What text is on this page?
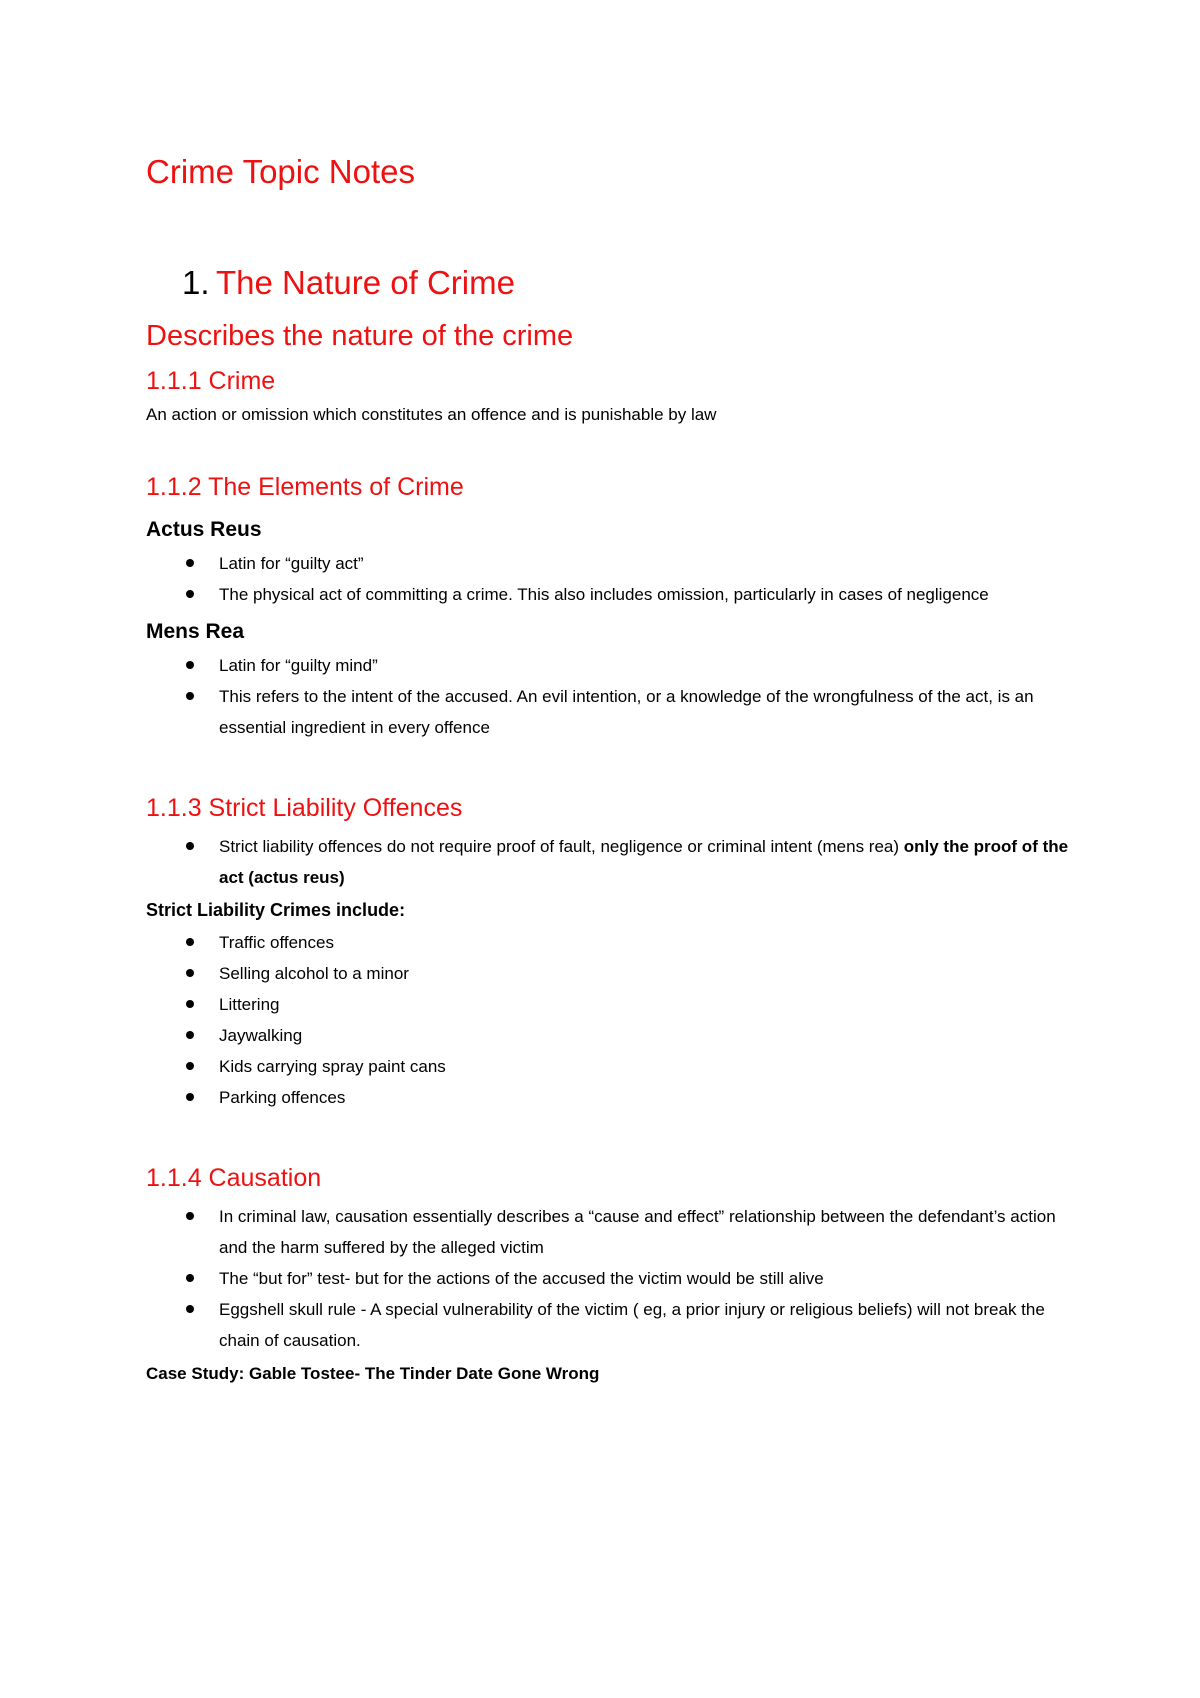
Crime Topic Notes
1. The Nature of Crime
Describes the nature of the crime
1.1.1 Crime

An action or omission which constitutes an offence and is punishable by law

1.1.2 The Elements of Crime
Actus Reus
Latin for “guilty act”
The physical act of committing a crime. This also includes omission, particularly in cases of negligence
Mens Rea
Latin for “guilty mind”
This refers to the intent of the accused. An evil intention, or a knowledge of the wrongfulness of the act, is an essential ingredient in every offence
1.1.3 Strict Liability Offences
Strict liability offences do not require proof of fault, negligence or criminal intent (mens rea) only the proof of the act (actus reus)
Strict Liability Crimes include:
Traffic offences
Selling alcohol to a minor
Littering
Jaywalking
Kids carrying spray paint cans
Parking offences
1.1.4 Causation
In criminal law, causation essentially describes a “cause and effect” relationship between the defendant’s action and the harm suffered by the alleged victim
The “but for” test- but for the actions of the accused the victim would be still alive
Eggshell skull rule - A special vulnerability of the victim ( eg, a prior injury or religious beliefs) will not break the chain of causation.
Case Study: Gable Tostee- The Tinder Date Gone Wrong
